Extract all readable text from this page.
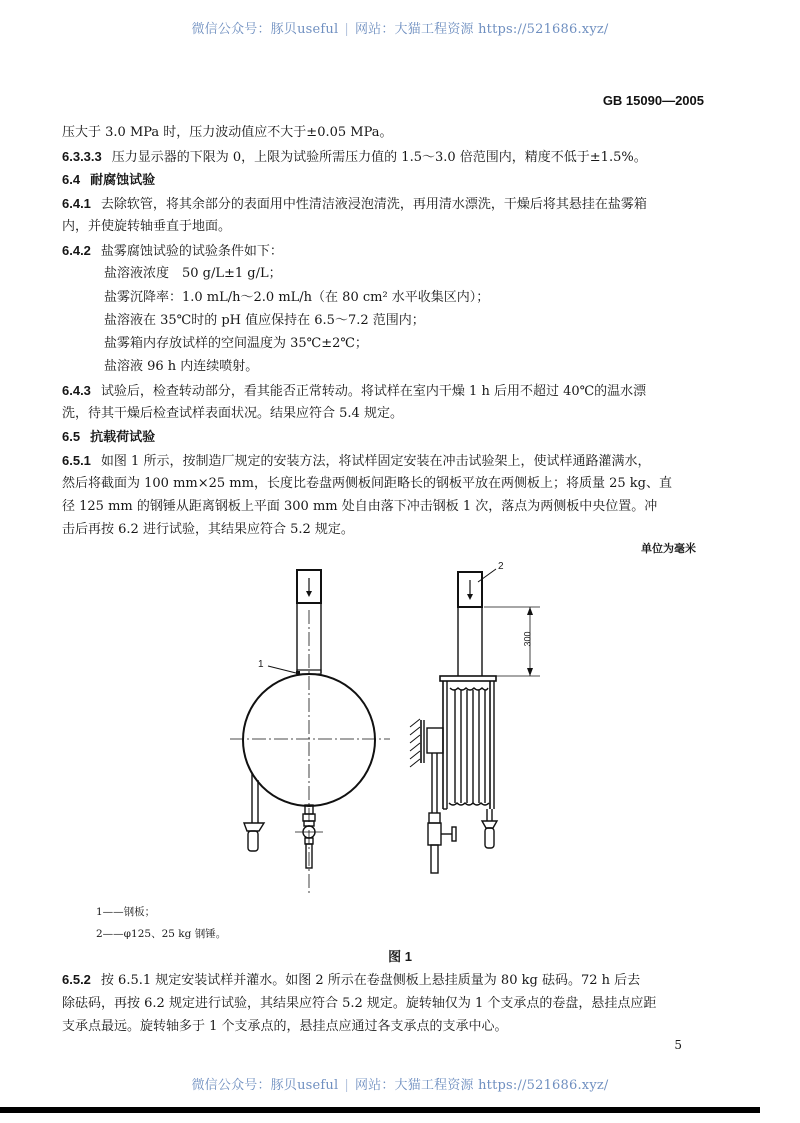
微信公众号：豚贝useful | 网站：大猫工程资源 https://521686.xyz/
GB 15090—2005
压大于 3.0 MPa 时，压力波动值应不大于±0.05 MPa。
6.3.3.3 压力显示器的下限为 0，上限为试验所需压力值的 1.5～3.0 倍范围内，精度不低于±1.5%。
6.4 耐腐蚀试验
6.4.1 去除软管，将其余部分的表面用中性清洁液浸泡清洗，再用清水漂洗，干燥后将其悬挂在盐雾箱
内，并使旋转轴垂直于地面。
6.4.2 盐雾腐蚀试验的试验条件如下：
盐溶液浓度　50 g/L±1 g/L；
盐雾沉降率：1.0 mL/h～2.0 mL/h（在 80 cm² 水平收集区内）；
盐溶液在 35℃时的 pH 值应保持在 6.5～7.2 范围内；
盐雾箱内存放试样的空间温度为 35℃±2℃；
盐溶液 96 h 内连续喷射。
6.4.3 试验后，检查转动部分，看其能否正常转动。将试样在室内干燥 1 h 后用不超过 40℃的温水漂
洗，待其干燥后检查试样表面状况。结果应符合 5.4 规定。
6.5 抗载荷试验
6.5.1 如图 1 所示，按制造厂规定的安装方法，将试样固定安装在冲击试验架上，使试样通路灌满水，
然后将截面为 100 mm×25 mm，长度比卷盘两侧板间距略长的钢板平放在两侧板上；将质量 25 kg、直
径 125 mm 的钢锤从距离钢板上平面 300 mm 处自由落下冲击钢板 1 次，落点为两侧板中央位置。冲
击后再按 6.2 进行试验，其结果应符合 5.2 规定。
单位为毫米
1
2
300
1——钢板；
2——φ125、25 kg 钢锤。
图 1
6.5.2 按 6.5.1 规定安装试样并灌水。如图 2 所示在卷盘侧板上悬挂质量为 80 kg 砝码。72 h 后去
除砝码，再按 6.2 规定进行试验，其结果应符合 5.2 规定。旋转轴仅为 1 个支承点的卷盘，悬挂点应距
支承点最远。旋转轴多于 1 个支承点的，悬挂点应通过各支承点的支承中心。
5
微信公众号：豚贝useful | 网站：大猫工程资源 https://521686.xyz/
